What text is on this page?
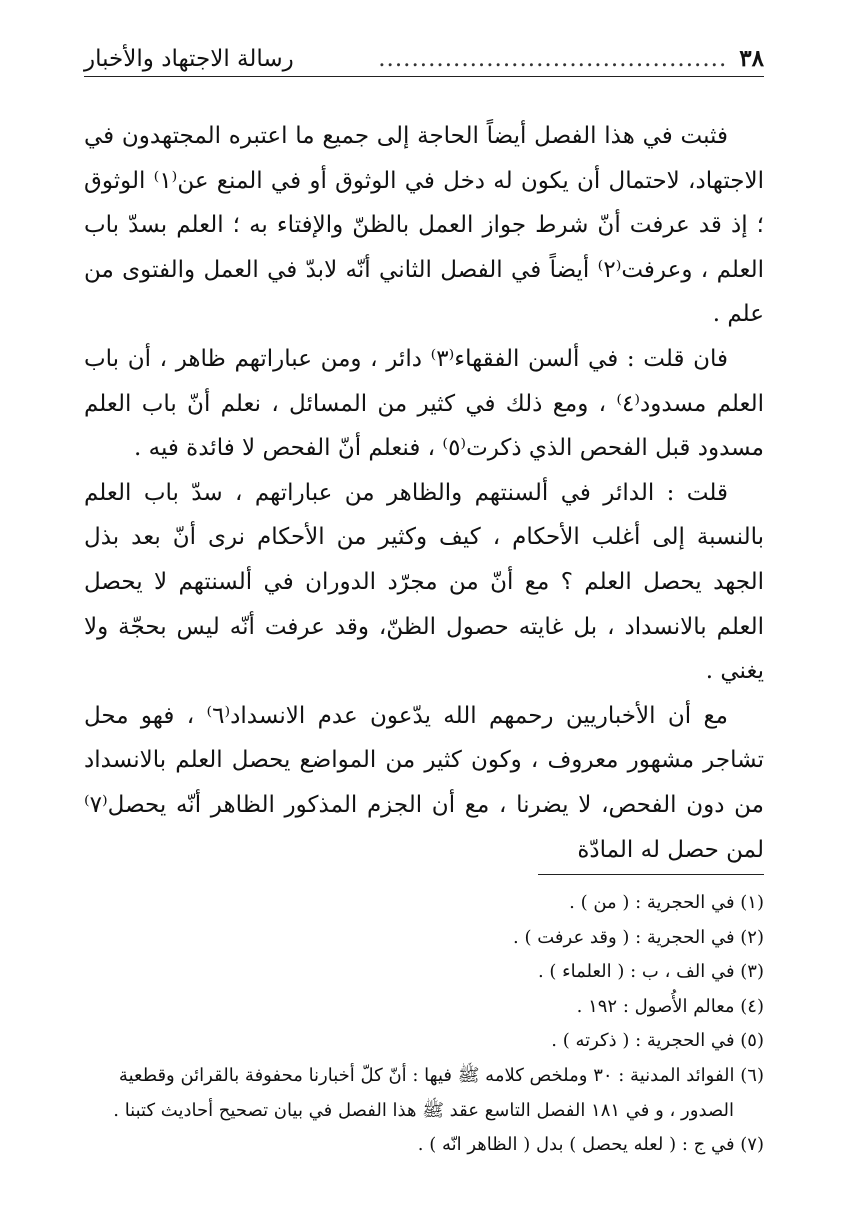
٣٨
..........................................
رسالة الاجتهاد والأخبار

فثبت في هذا الفصل أيضاً الحاجة إلى جميع ما اعتبره المجتهدون في الاجتهاد، لاحتمال أن يكون له دخل في الوثوق أو في المنع عن⁽١⁾ الوثوق ؛ إذ قد عرفت أنّ شرط جواز العمل بالظنّ والإفتاء به ؛ العلم بسدّ باب العلم ، وعرفت⁽٢⁾ أيضاً في الفصل الثاني أنّه لابدّ في العمل والفتوى من علم .

فان قلت : في ألسن الفقهاء⁽٣⁾ دائر ، ومن عباراتهم ظاهر ، أن باب العلم مسدود⁽٤⁾ ، ومع ذلك في كثير من المسائل ، نعلم أنّ باب العلم مسدود قبل الفحص الذي ذكرت⁽٥⁾ ، فنعلم أنّ الفحص لا فائدة فيه .

قلت : الدائر في ألسنتهم والظاهر من عباراتهم ، سدّ باب العلم بالنسبة إلى أغلب الأحكام ، كيف وكثير من الأحكام نرى أنّ بعد بذل الجهد يحصل العلم ؟ مع أنّ من مجرّد الدوران في ألسنتهم لا يحصل العلم بالانسداد ، بل غايته حصول الظنّ، وقد عرفت أنّه ليس بحجّة ولا يغني .

مع أن الأخباريين رحمهم الله يدّعون عدم الانسداد⁽٦⁾ ، فهو محل تشاجر مشهور معروف ، وكون كثير من المواضع يحصل العلم بالانسداد من دون الفحص، لا يضرنا ، مع أن الجزم المذكور الظاهر أنّه يحصل⁽٧⁾ لمن حصل له المادّة

(١) في الحجرية : ( من ) .

(٢) في الحجرية : ( وقد عرفت ) .

(٣) في الف ، ب : ( العلماء ) .

(٤) معالم الأُصول : ١٩٢ .

(٥) في الحجرية : ( ذكرته ) .

(٦) الفوائد المدنية : ٣٠ وملخص كلامه ﷺ فيها : أنّ كلّ أخبارنا محفوفة بالقرائن وقطعية

الصدور ، و في ١٨١ الفصل التاسع عقد ﷺ هذا الفصل في بيان تصحيح أحاديث كتبنا .

(٧) في ج : ( لعله يحصل ) بدل ( الظاهر انّه ) .
